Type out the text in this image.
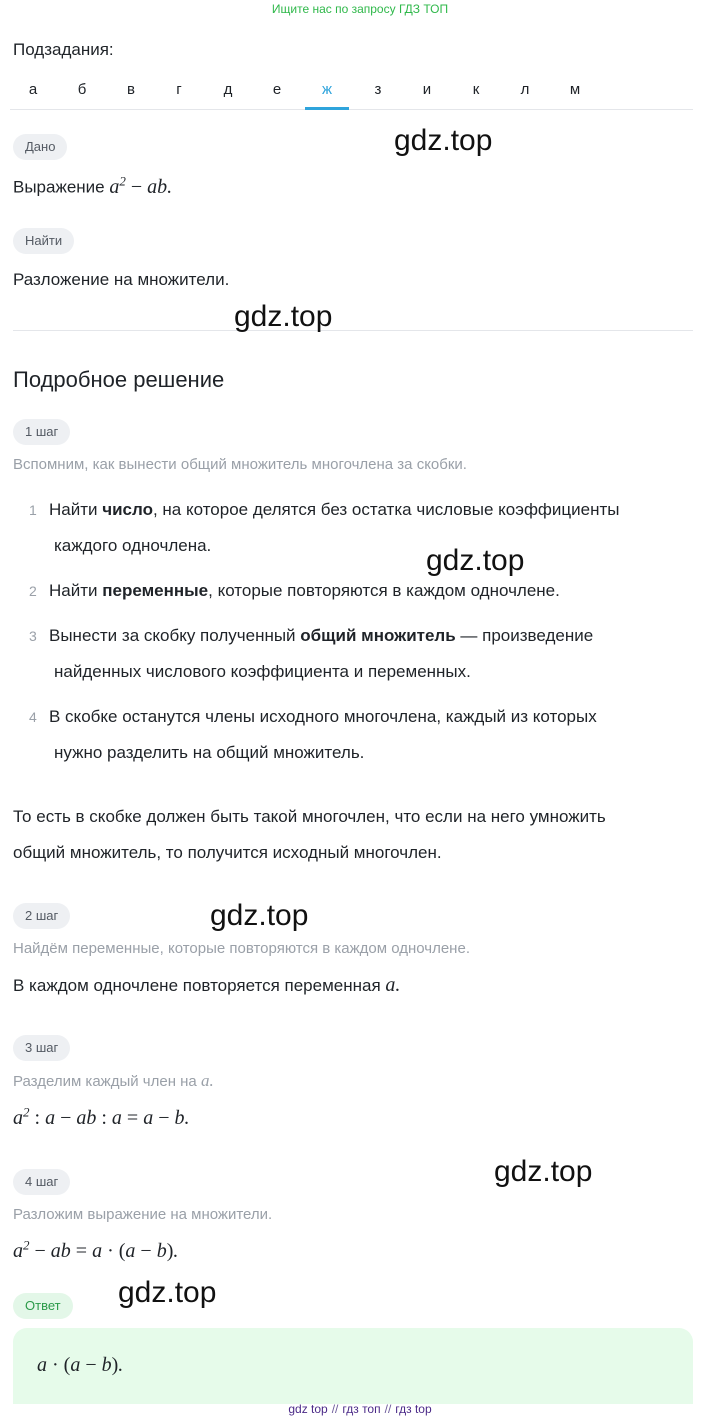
Ищите нас по запросу ГДЗ ТОП
Подзадания:
а	б	в	г	д	е	ж	з	и	к	л	м
Дано
Выражение $a^2$ − ab.
Найти
Разложение на множители.
Подробное решение
1 шаг
Вспомним, как вынести общий множитель многочлена за скобки.
1 Найти число, на которое делятся без остатка числовые коэффициенты
каждого одночлена.
2 Найти переменные, которые повторяются в каждом одночлене.
3 Вынести за скобку полученный общий множитель — произведение
найденных числового коэффициента и переменных.
4 В скобке останутся члены исходного многочлена, каждый из которых
нужно разделить на общий множитель.
То есть в скобке должен быть такой многочлен, что если на него умножить
общий множитель, то получится исходный многочлен.
2 шаг
Найдём переменные, которые повторяются в каждом одночлене.
В каждом одночлене повторяется переменная a.
3 шаг
Разделим каждый член на a.
$a^2$ : a − ab : a = a − b.
4 шаг
Разложим выражение на множители.
$a^2$ − ab = a · (a − b).
Ответ
a · (a − b).
gdz.top
gdz.top
gdz.top
gdz.top
gdz.top
gdz.top
gdz top // гдз топ // гдз top
